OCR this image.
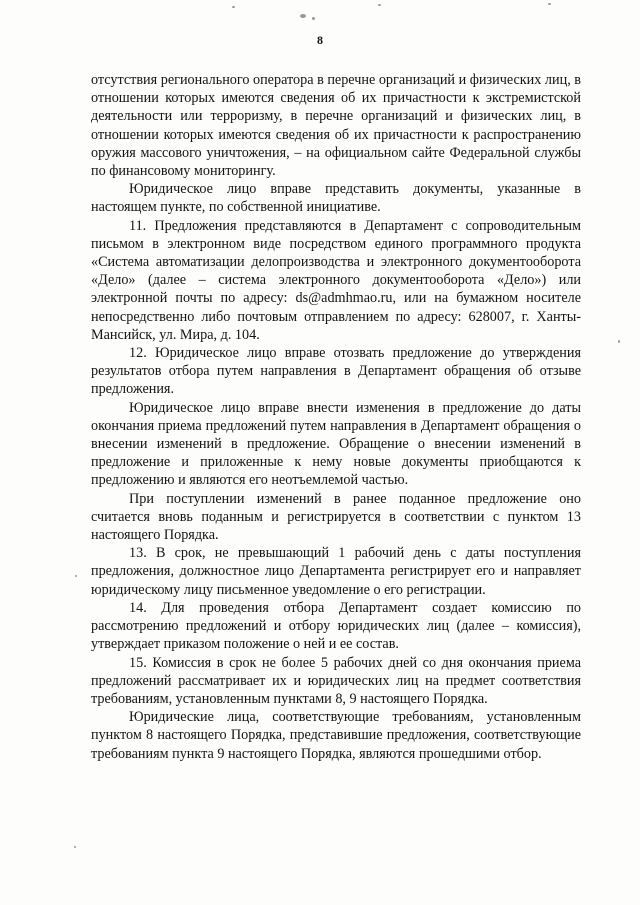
8

отсутствия регионального оператора в перечне организаций и физических лиц, в отношении которых имеются сведения об их причастности к экстремистской деятельности или терроризму, в перечне организаций и физических лиц, в отношении которых имеются сведения об их причастности к распространению оружия массового уничтожения, – на официальном сайте Федеральной службы по финансовому мониторингу.

Юридическое лицо вправе представить документы, указанные в настоящем пункте, по собственной инициативе.

11. Предложения представляются в Департамент с сопроводительным письмом в электронном виде посредством единого программного продукта «Система автоматизации делопроизводства и электронного документооборота «Дело» (далее – система электронного документооборота «Дело») или электронной почты по адресу: ds@admhmao.ru, или на бумажном носителе непосредственно либо почтовым отправлением по адресу: 628007, г. Ханты-Мансийск, ул. Мира, д. 104.

12. Юридическое лицо вправе отозвать предложение до утверждения результатов отбора путем направления в Департамент обращения об отзыве предложения.

Юридическое лицо вправе внести изменения в предложение до даты окончания приема предложений путем направления в Департамент обращения о внесении изменений в предложение. Обращение о внесении изменений в предложение и приложенные к нему новые документы приобщаются к предложению и являются его неотъемлемой частью.

При поступлении изменений в ранее поданное предложение оно считается вновь поданным и регистрируется в соответствии с пунктом 13 настоящего Порядка.

13. В срок, не превышающий 1 рабочий день с даты поступления предложения, должностное лицо Департамента регистрирует его и направляет юридическому лицу письменное уведомление о его регистрации.

14. Для проведения отбора Департамент создает комиссию по рассмотрению предложений и отбору юридических лиц (далее – комиссия), утверждает приказом положение о ней и ее состав.

15. Комиссия в срок не более 5 рабочих дней со дня окончания приема предложений рассматривает их и юридических лиц на предмет соответствия требованиям, установленным пунктами 8, 9 настоящего Порядка.

Юридические лица, соответствующие требованиям, установленным пунктом 8 настоящего Порядка, представившие предложения, соответствующие требованиям пункта 9 настоящего Порядка, являются прошедшими отбор.
